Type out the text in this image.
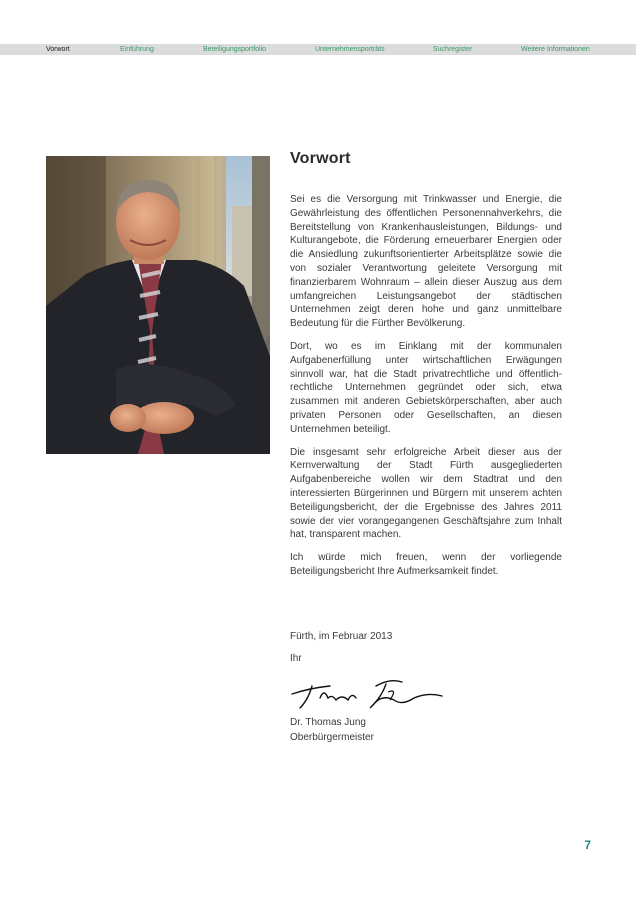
Vorwort	Einführung	Beteiligungsportfolio	Unternehmensporträts	Suchregister	Weitere Informationen
Vorwort

Sei es die Versorgung mit Trinkwasser und Energie, die Gewährleistung des öffentlichen Personennahverkehrs, die Bereitstellung von Krankenhausleistungen, Bildungs- und Kulturangebote, die Förderung erneuerbarer Energien oder die Ansiedlung zukunftsorientierter Arbeitsplätze sowie die von sozialer Verantwortung geleitete Versorgung mit finanzierbarem Wohnraum – allein dieser Auszug aus dem umfangreichen Leistungsangebot der städtischen Unternehmen zeigt deren hohe und ganz unmittelbare Bedeutung für die Fürther Bevölkerung.

Dort, wo es im Einklang mit der kommunalen Aufgabenerfüllung unter wirtschaftlichen Erwägungen sinnvoll war, hat die Stadt privatrechtliche und öffentlich-rechtliche Unternehmen gegründet oder sich, etwa zusammen mit anderen Gebietskörperschaften, aber auch privaten Personen oder Gesellschaften, an diesen Unternehmen beteiligt.

Die insgesamt sehr erfolgreiche Arbeit dieser aus der Kernverwaltung der Stadt Fürth ausgegliederten Aufgabenbereiche wollen wir dem Stadtrat und den interessierten Bürgerinnen und Bürgern mit unserem achten Beteiligungsbericht, der die Ergebnisse des Jahres 2011 sowie der vier vorangegangenen Geschäftsjahre zum Inhalt hat, transparent machen.

Ich würde mich freuen, wenn der vorliegende Beteiligungsbericht Ihre Aufmerksamkeit findet.

Fürth, im Februar 2013
Ihr
Dr. Thomas Jung
Oberbürgermeister
7
